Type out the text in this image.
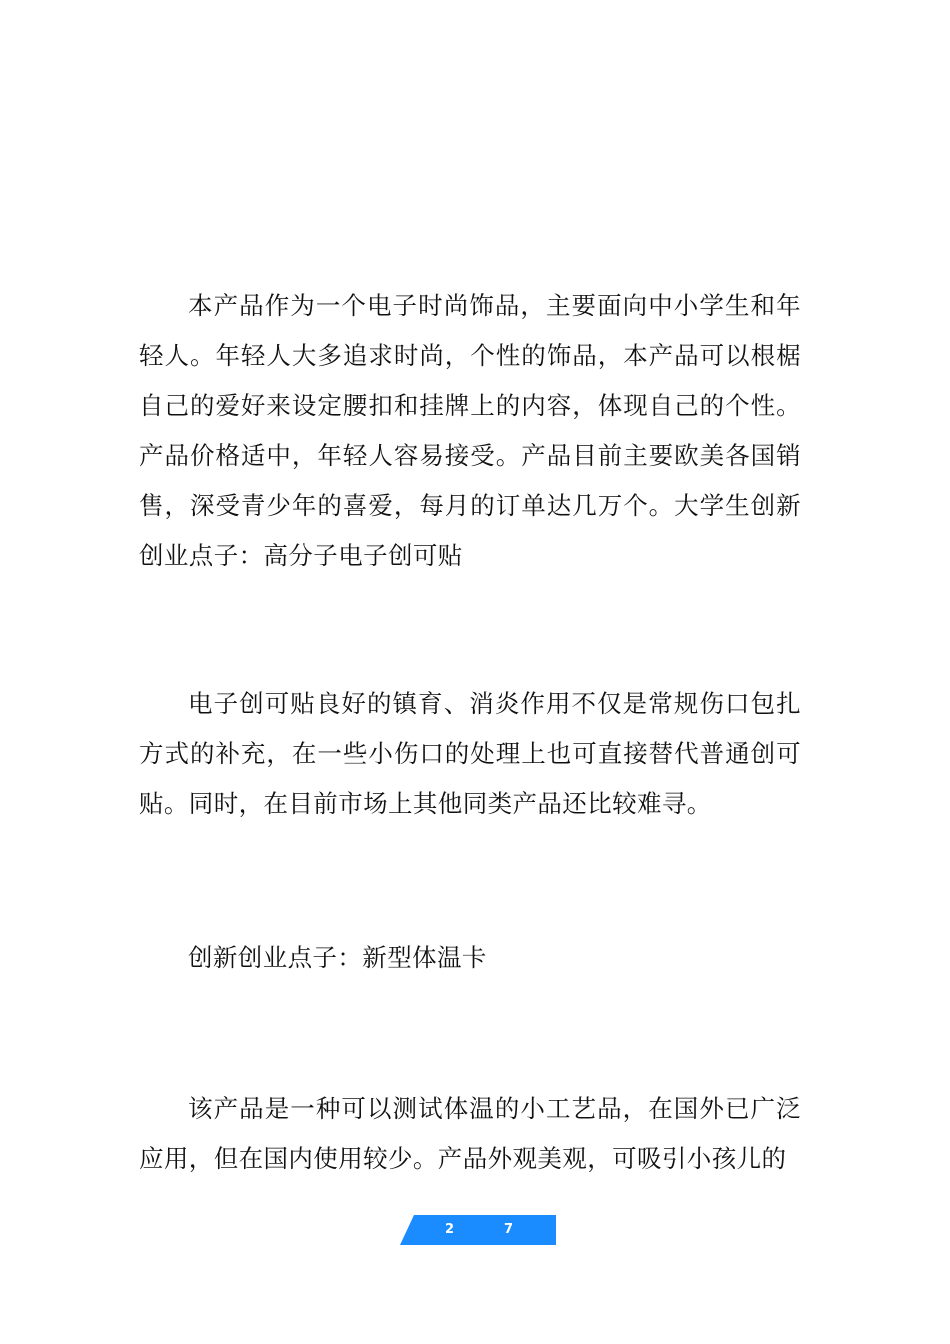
本产品作为一个电子时尚饰品，主要面向中小学生和年轻人。年轻人大多追求时尚，个性的饰品，本产品可以根椐自己的爱好来设定腰扣和挂牌上的内容，体现自己的个性。产品价格适中，年轻人容易接受。产品目前主要欧美各国销售，深受青少年的喜爱，每月的订单达几万个。大学生创新创业点子：高分子电子创可贴

电子创可贴良好的镇育、消炎作用不仅是常规伤口包扎方式的补充，在一些小伤口的处理上也可直接替代普通创可贴。同时，在目前市场上其他同类产品还比较难寻。

创新创业点子：新型体温卡

该产品是一种可以测试体温的小工艺品，在国外已广泛应用，但在国内使用较少。产品外观美观，可吸引小孩儿的

2	7
